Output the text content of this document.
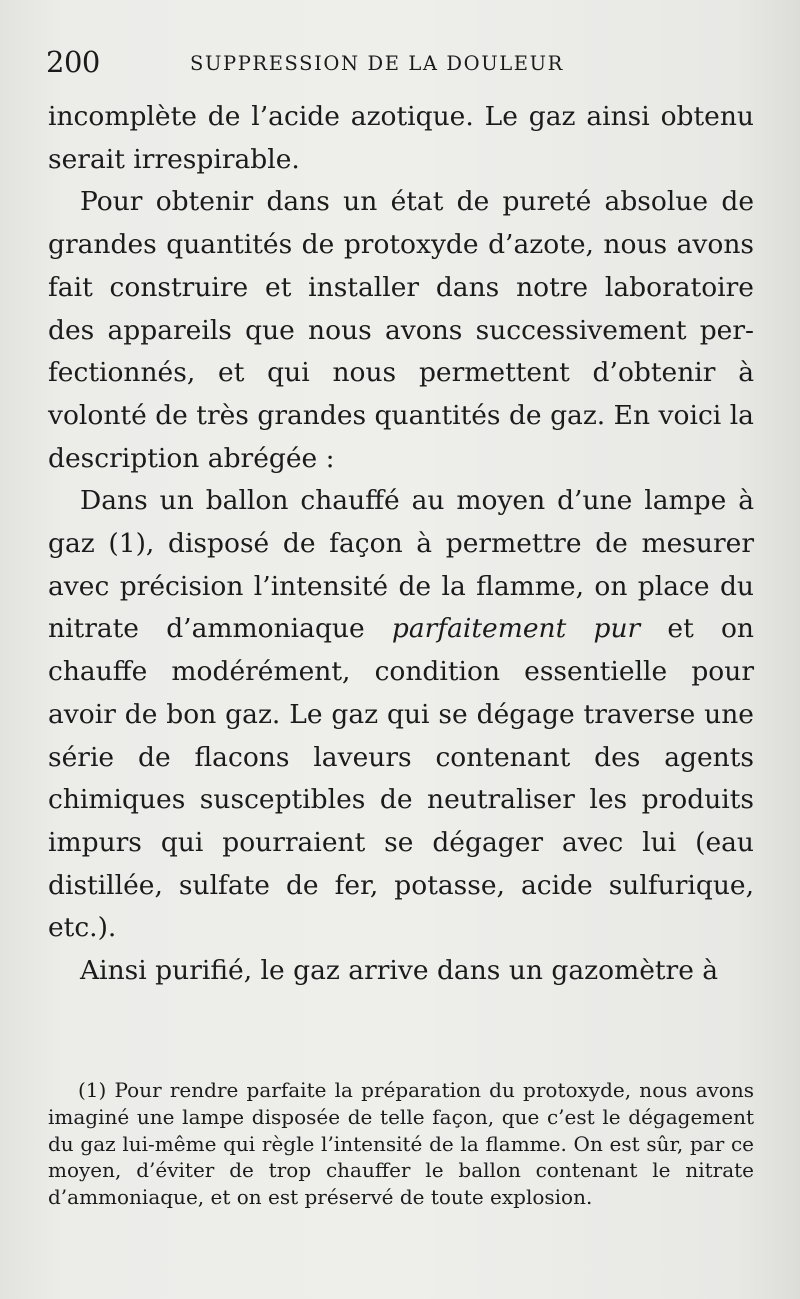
200	SUPPRESSION DE LA DOULEUR

incomplète de l’acide azotique. Le gaz ainsi obtenu serait irrespirable.

Pour obtenir dans un état de pureté absolue de grandes quantités de protoxyde d’azote, nous avons fait construire et installer dans notre laboratoire des appareils que nous avons successivement perfectionnés, et qui nous permettent d’obtenir à volonté de très grandes quantités de gaz. En voici la description abrégée :

Dans un ballon chauffé au moyen d’une lampe à gaz (1), disposé de façon à permettre de mesurer avec précision l’intensité de la flamme, on place du nitrate d’ammoniaque parfaitement pur et on chauffe modérément, condition essentielle pour avoir de bon gaz. Le gaz qui se dégage traverse une série de flacons laveurs contenant des agents chimiques susceptibles de neutraliser les produits impurs qui pourraient se dégager avec lui (eau distillée, sulfate de fer, potasse, acide sulfurique, etc.).

Ainsi purifié, le gaz arrive dans un gazomètre à

(1) Pour rendre parfaite la préparation du protoxyde, nous avons imaginé une lampe disposée de telle façon, que c’est le dégagement du gaz lui-même qui règle l’intensité de la flamme. On est sûr, par ce moyen, d’éviter de trop chauffer le ballon contenant le nitrate d’ammoniaque, et on est préservé de toute explosion.
